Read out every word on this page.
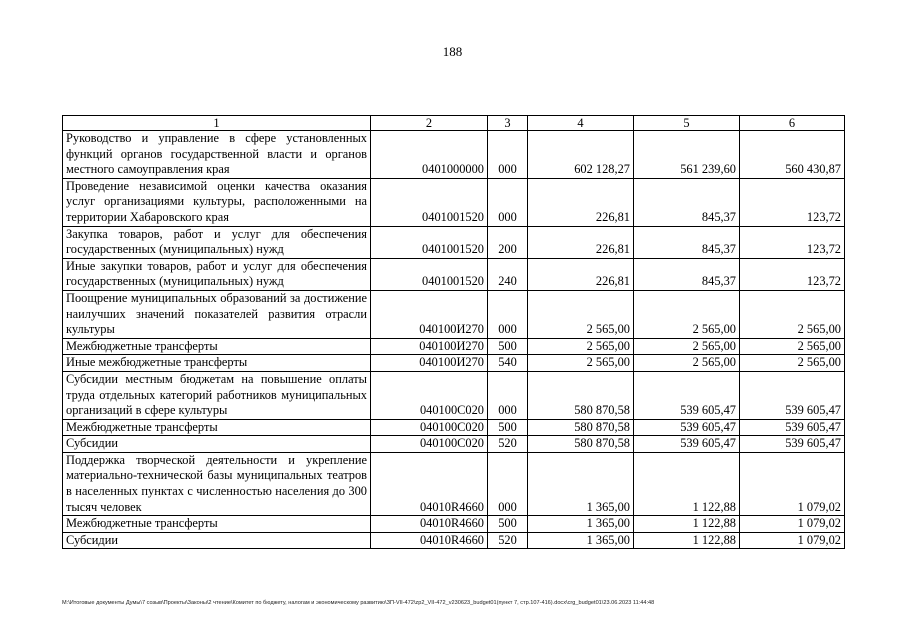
188
1	2	3	4	5	6
Руководство и управление в сфере установленных функций органов государственной власти и органов местного самоуправления края	0401000000	000	602 128,27	561 239,60	560 430,87
Проведение независимой оценки качества оказания услуг организациями культуры, расположенными на территории Хабаровского края	0401001520	000	226,81	845,37	123,72
Закупка товаров, работ и услуг для обеспечения государственных (муниципальных) нужд	0401001520	200	226,81	845,37	123,72
Иные закупки товаров, работ и услуг для обеспечения государственных (муниципальных) нужд	0401001520	240	226,81	845,37	123,72
Поощрение муниципальных образований за достижение наилучших значений показателей развития отрасли культуры	040100И270	000	2 565,00	2 565,00	2 565,00
Межбюджетные трансферты	040100И270	500	2 565,00	2 565,00	2 565,00
Иные межбюджетные трансферты	040100И270	540	2 565,00	2 565,00	2 565,00
Субсидии местным бюджетам на повышение оплаты труда отдельных категорий работников муниципальных организаций в сфере культуры	040100С020	000	580 870,58	539 605,47	539 605,47
Межбюджетные трансферты	040100С020	500	580 870,58	539 605,47	539 605,47
Субсидии	040100С020	520	580 870,58	539 605,47	539 605,47
Поддержка творческой деятельности и укрепление материально-технической базы муниципальных театров в населенных пунктах с численностью населения до 300 тысяч человек	04010R4660	000	1 365,00	1 122,88	1 079,02
Межбюджетные трансферты	04010R4660	500	1 365,00	1 122,88	1 079,02
Субсидии	04010R4660	520	1 365,00	1 122,88	1 079,02
M:\Итоговые документы Думы\7 созыв\Проекты\Законы\2 чтение\Комитет по бюджету, налогам и экономическому развитию\ЗП-VII-472\zp2_VII-472_v230623_budget01(пункт 7, стр.107-416).docx\crg_budget01\23.06.2023 11:44:48
